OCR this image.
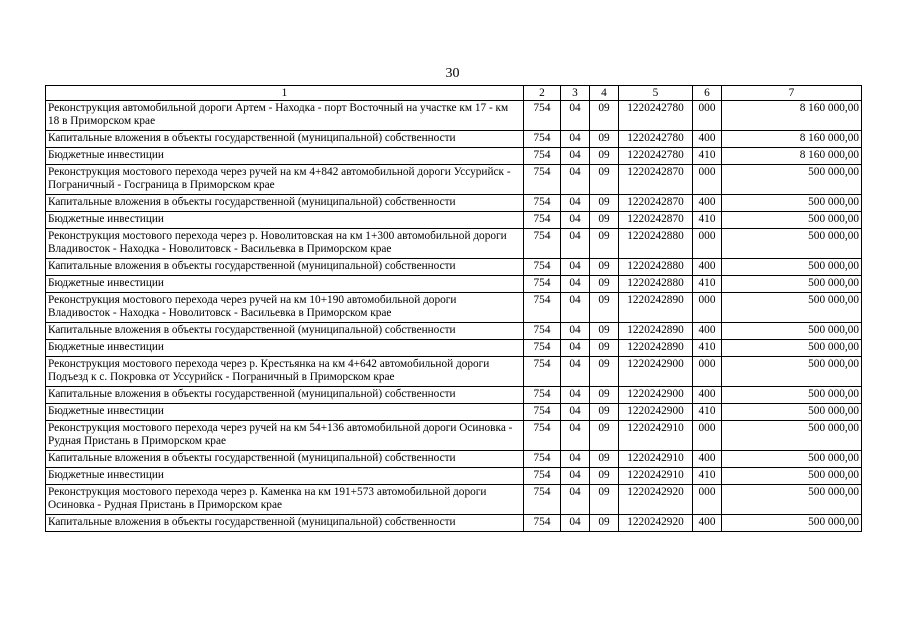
30
1	2	3	4	5	6	7
Реконструкция автомобильной дороги Артем - Находка - порт Восточный на участке км 17 - км 18 в Приморском крае	754	04	09	1220242780	000	8 160 000,00
Капитальные вложения в объекты государственной (муниципальной) собственности	754	04	09	1220242780	400	8 160 000,00
Бюджетные инвестиции	754	04	09	1220242780	410	8 160 000,00
Реконструкция мостового перехода через ручей на км 4+842 автомобильной дороги Уссурийск - Пограничный - Госграница в Приморском крае	754	04	09	1220242870	000	500 000,00
Капитальные вложения в объекты государственной (муниципальной) собственности	754	04	09	1220242870	400	500 000,00
Бюджетные инвестиции	754	04	09	1220242870	410	500 000,00
Реконструкция мостового перехода через р. Новолитовская на км 1+300 автомобильной дороги Владивосток - Находка - Новолитовск - Васильевка в Приморском крае	754	04	09	1220242880	000	500 000,00
Капитальные вложения в объекты государственной (муниципальной) собственности	754	04	09	1220242880	400	500 000,00
Бюджетные инвестиции	754	04	09	1220242880	410	500 000,00
Реконструкция мостового перехода через ручей на км 10+190 автомобильной дороги Владивосток - Находка - Новолитовск - Васильевка в Приморском крае	754	04	09	1220242890	000	500 000,00
Капитальные вложения в объекты государственной (муниципальной) собственности	754	04	09	1220242890	400	500 000,00
Бюджетные инвестиции	754	04	09	1220242890	410	500 000,00
Реконструкция мостового перехода через р. Крестьянка на км 4+642 автомобильной дороги Подъезд к с. Покровка от Уссурийск - Пограничный в Приморском крае	754	04	09	1220242900	000	500 000,00
Капитальные вложения в объекты государственной (муниципальной) собственности	754	04	09	1220242900	400	500 000,00
Бюджетные инвестиции	754	04	09	1220242900	410	500 000,00
Реконструкция мостового перехода через ручей на км 54+136 автомобильной дороги Осиновка - Рудная Пристань в Приморском крае	754	04	09	1220242910	000	500 000,00
Капитальные вложения в объекты государственной (муниципальной) собственности	754	04	09	1220242910	400	500 000,00
Бюджетные инвестиции	754	04	09	1220242910	410	500 000,00
Реконструкция мостового перехода через р. Каменка на км 191+573 автомобильной дороги Осиновка - Рудная Пристань в Приморском крае	754	04	09	1220242920	000	500 000,00
Капитальные вложения в объекты государственной (муниципальной) собственности	754	04	09	1220242920	400	500 000,00
